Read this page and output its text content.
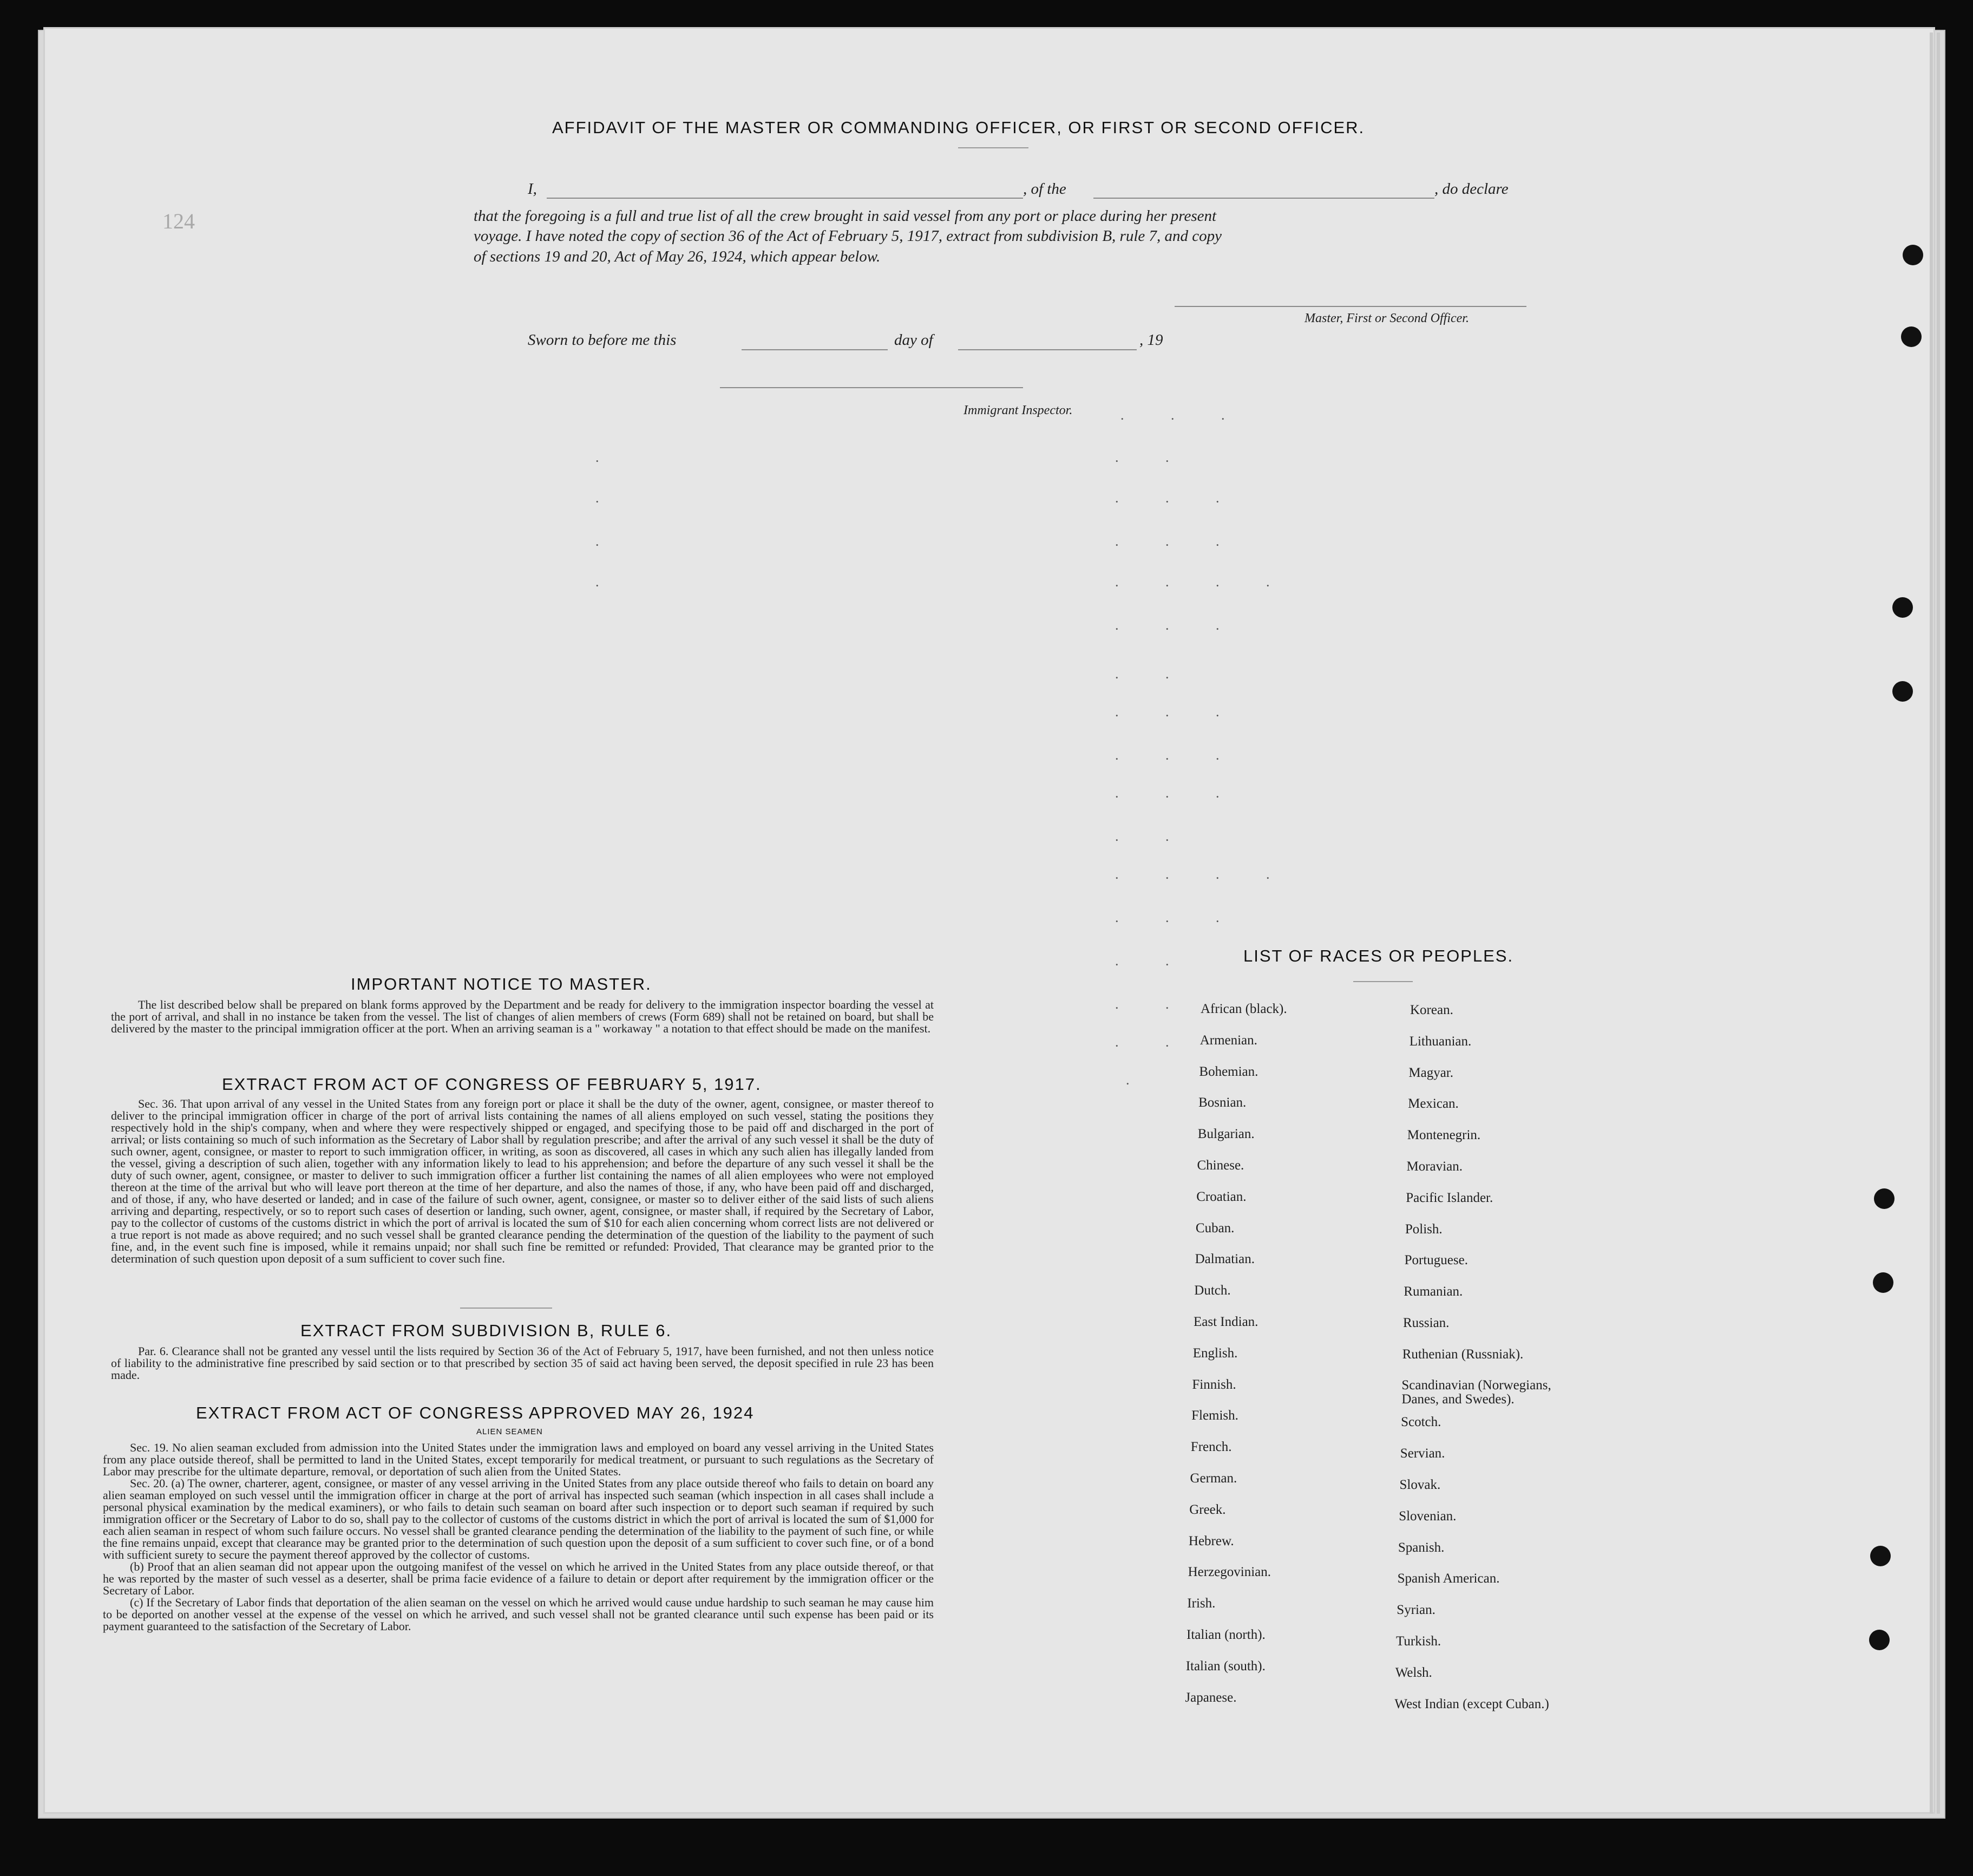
124
AFFIDAVIT OF THE MASTER OR COMMANDING OFFICER, OR FIRST OR SECOND OFFICER.
I,	, of the	, do declare
that the foregoing is a full and true list of all the crew brought in said vessel from any port or place during her present
voyage. I have noted the copy of section 36 of the Act of February 5, 1917, extract from subdivision B, rule 7, and copy
of sections 19 and 20, Act of May 26, 1924, which appear below.
Master, First or Second Officer.
Sworn to before me this	day of	, 19
Immigrant Inspector.	. . .
.	. .
.	. . .
.	. . .
.	. . . .
. . .
. .
. . .
. . .
. . .
. .
. . . .
. . .
. .
. .
. .
.
IMPORTANT NOTICE TO MASTER.

The list described below shall be prepared on blank forms approved by the Department and be ready for delivery to the immigration inspector boarding the vessel at the port of arrival, and shall in no instance be taken from the vessel. The list of changes of alien members of crews (Form 689) shall not be retained on board, but shall be delivered by the master to the principal immigration officer at the port. When an arriving seaman is a " workaway " a notation to that effect should be made on the manifest.

EXTRACT FROM ACT OF CONGRESS OF FEBRUARY 5, 1917.

Sec. 36. That upon arrival of any vessel in the United States from any foreign port or place it shall be the duty of the owner, agent, consignee, or master thereof to deliver to the principal immigration officer in charge of the port of arrival lists containing the names of all aliens employed on such vessel, stating the positions they respectively hold in the ship's company, when and where they were respectively shipped or engaged, and specifying those to be paid off and discharged in the port of arrival; or lists containing so much of such information as the Secretary of Labor shall by regulation prescribe; and after the arrival of any such vessel it shall be the duty of such owner, agent, consignee, or master to report to such immigration officer, in writing, as soon as discovered, all cases in which any such alien has illegally landed from the vessel, giving a description of such alien, together with any information likely to lead to his apprehension; and before the departure of any such vessel it shall be the duty of such owner, agent, consignee, or master to deliver to such immigration officer a further list containing the names of all alien employees who were not employed thereon at the time of the arrival but who will leave port thereon at the time of her departure, and also the names of those, if any, who have been paid off and discharged, and of those, if any, who have deserted or landed; and in case of the failure of such owner, agent, consignee, or master so to deliver either of the said lists of such aliens arriving and departing, respectively, or so to report such cases of desertion or landing, such owner, agent, consignee, or master shall, if required by the Secretary of Labor, pay to the collector of customs of the customs district in which the port of arrival is located the sum of $10 for each alien concerning whom correct lists are not delivered or a true report is not made as above required; and no such vessel shall be granted clearance pending the determination of the question of the liability to the payment of such fine, and, in the event such fine is imposed, while it remains unpaid; nor shall such fine be remitted or refunded: Provided, That clearance may be granted prior to the determination of such question upon deposit of a sum sufficient to cover such fine.

EXTRACT FROM SUBDIVISION B, RULE 6.

Par. 6. Clearance shall not be granted any vessel until the lists required by Section 36 of the Act of February 5, 1917, have been furnished, and not then unless notice of liability to the administrative fine prescribed by said section or to that prescribed by section 35 of said act having been served, the deposit specified in rule 23 has been made.

EXTRACT FROM ACT OF CONGRESS APPROVED MAY 26, 1924
ALIEN SEAMEN

Sec. 19. No alien seaman excluded from admission into the United States under the immigration laws and employed on board any vessel arriving in the United States from any place outside thereof, shall be permitted to land in the United States, except temporarily for medical treatment, or pursuant to such regulations as the Secretary of Labor may prescribe for the ultimate departure, removal, or deportation of such alien from the United States.

Sec. 20. (a) The owner, charterer, agent, consignee, or master of any vessel arriving in the United States from any place outside thereof who fails to detain on board any alien seaman employed on such vessel until the immigration officer in charge at the port of arrival has inspected such seaman (which inspection in all cases shall include a personal physical examination by the medical examiners), or who fails to detain such seaman on board after such inspection or to deport such seaman if required by such immigration officer or the Secretary of Labor to do so, shall pay to the collector of customs of the customs district in which the port of arrival is located the sum of $1,000 for each alien seaman in respect of whom such failure occurs. No vessel shall be granted clearance pending the determination of the liability to the payment of such fine, or while the fine remains unpaid, except that clearance may be granted prior to the determination of such question upon the deposit of a sum sufficient to cover such fine, or of a bond with sufficient surety to secure the payment thereof approved by the collector of customs.

(b) Proof that an alien seaman did not appear upon the outgoing manifest of the vessel on which he arrived in the United States from any place outside thereof, or that he was reported by the master of such vessel as a deserter, shall be prima facie evidence of a failure to detain or deport after requirement by the immigration officer or the Secretary of Labor.

(c) If the Secretary of Labor finds that deportation of the alien seaman on the vessel on which he arrived would cause undue hardship to such seaman he may cause him to be deported on another vessel at the expense of the vessel on which he arrived, and such vessel shall not be granted clearance until such expense has been paid or its payment guaranteed to the satisfaction of the Secretary of Labor.

LIST OF RACES OR PEOPLES.
African (black).
Armenian.
Bohemian.
Bosnian.
Bulgarian.
Chinese.
Croatian.
Cuban.
Dalmatian.
Dutch.
East Indian.
English.
Finnish.
Flemish.
French.
German.
Greek.
Hebrew.
Herzegovinian.
Irish.
Italian (north).
Italian (south).
Japanese.
Korean.
Lithuanian.
Magyar.
Mexican.
Montenegrin.
Moravian.
Pacific Islander.
Polish.
Portuguese.
Rumanian.
Russian.
Ruthenian (Russniak).
Scandinavian (Norwegians, Danes, and Swedes).
Scotch.
Servian.
Slovak.
Slovenian.
Spanish.
Spanish American.
Syrian.
Turkish.
Welsh.
West Indian (except Cuban.)
